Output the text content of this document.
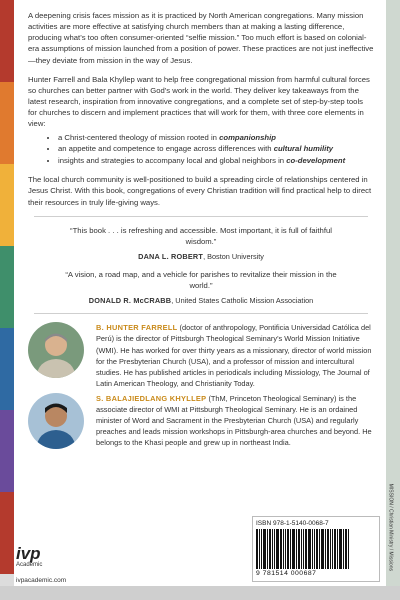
A deepening crisis faces mission as it is practiced by North American congregations. Many mission activities are more effective at satisfying church members than at making a lasting difference, producing what’s too often consumer-oriented “selfie mission.” Too much effort is based on colonial-era assumptions of mission launched from a position of power. These practices are not just ineffective—they deviate from mission in the way of Jesus.

Hunter Farrell and Bala Khyllep want to help free congregational mission from harmful cultural forces so churches can better partner with God’s work in the world. They deliver key takeaways from the latest research, inspiration from innovative congregations, and a complete set of step-by-step tools for churches to discern and implement practices that will work for them, with three core elements in view:

• a Christ-centered theology of mission rooted in companionship
• an appetite and competence to engage across differences with cultural humility
• insights and strategies to accompany local and global neighbors in co-development

The local church community is well-positioned to build a spreading circle of relationships centered in Jesus Christ. With this book, congregations of every Christian tradition will find practical help to direct their resources in truly life-giving ways.

“This book . . . is refreshing and accessible. Most important, it is full of faithful wisdom.”
DANA L. ROBERT, Boston University
“A vision, a road map, and a vehicle for parishes to revitalize their mission in the world.”
DONALD R. McCRABB, United States Catholic Mission Association
B. HUNTER FARRELL (doctor of anthropology, Pontificia Universidad Católica del Perú) is the director of Pittsburgh Theological Seminary’s World Mission Initiative (WMI). He has worked for over thirty years as a missionary, director of world mission for the Presbyterian Church (USA), and a professor of mission and intercultural studies. He has published articles in periodicals including Missiology, The Journal of Latin American Theology, and Christianity Today.
S. BALAJIEDLANG KHYLLEP (ThM, Princeton Theological Seminary) is the associate director of WMI at Pittsburgh Theological Seminary. He is an ordained minister of Word and Sacrament in the Presbyterian Church (USA) and regularly preaches and leads mission workshops in Pittsburgh-area churches and beyond. He belongs to the Khasi people and grew up in northeast India.
ivp
Academic
ivpacademic.com
ISBN 978-1-5140-0068-7
9 781514 000687
MISSION / Christian Ministry / Missions
